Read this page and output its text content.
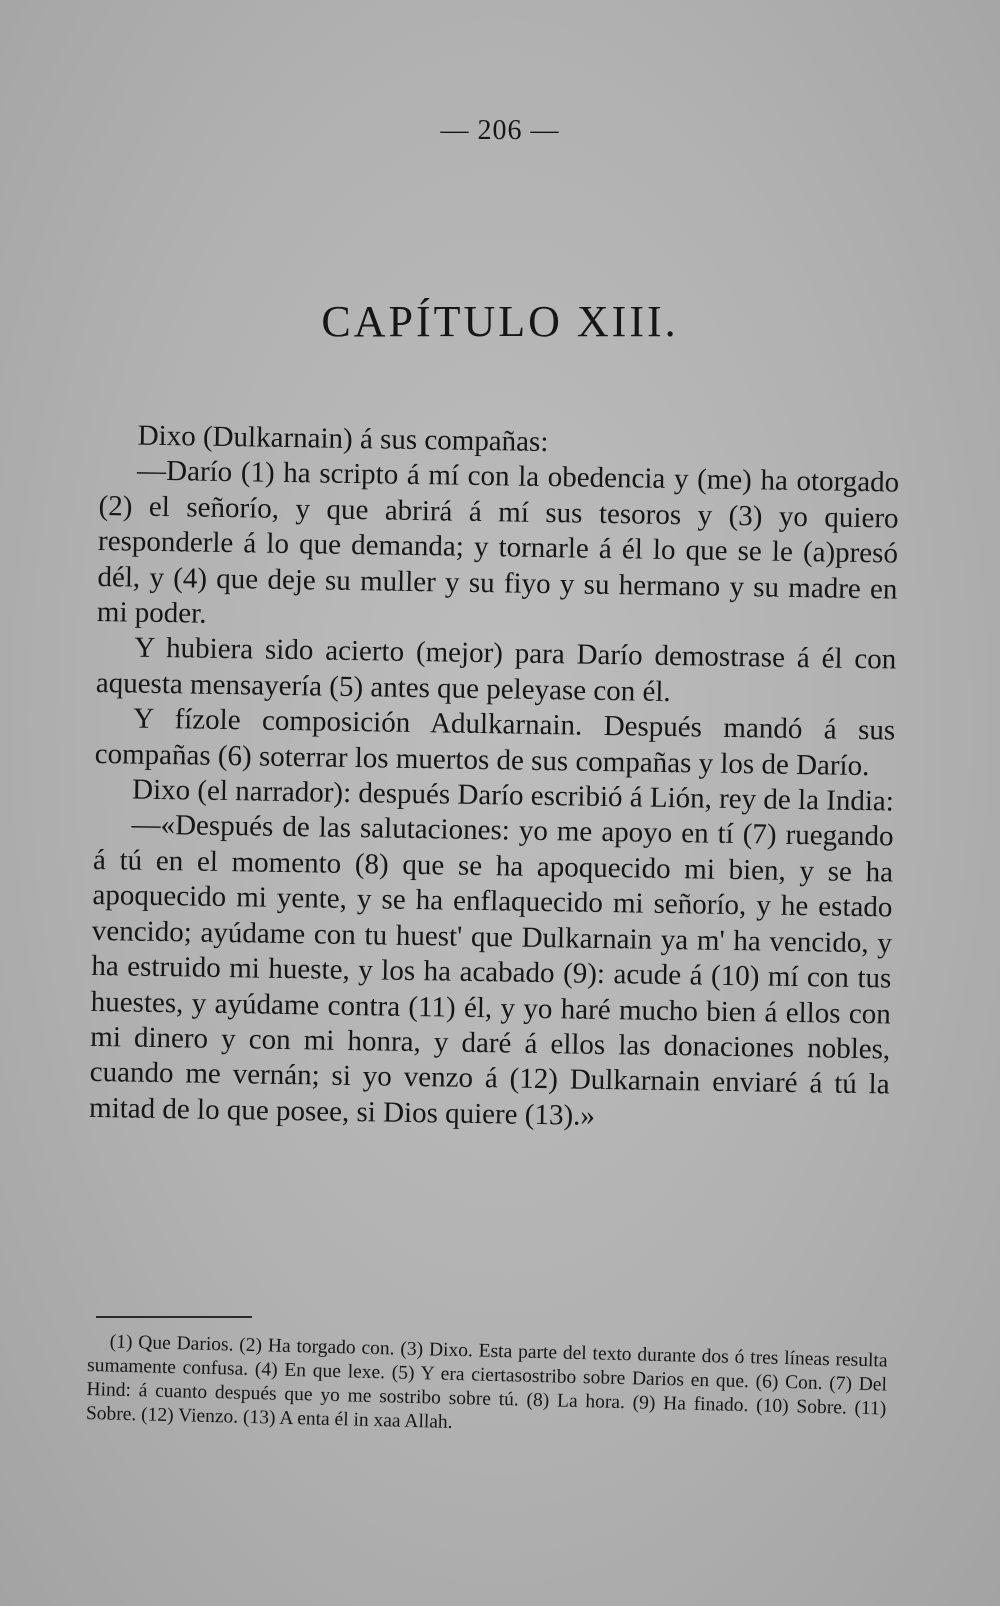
— 206 —
CAPÍTULO XIII.

Dixo (Dulkarnain) á sus compañas:

—Darío (1) ha scripto á mí con la obedencia y (me) ha otorgado (2) el señorío, y que abrirá á mí sus tesoros y (3) yo quiero responderle á lo que demanda; y tornarle á él lo que se le (a)presó dél, y (4) que deje su muller y su fiyo y su hermano y su madre en mi poder.

Y hubiera sido acierto (mejor) para Darío demostrase á él con aquesta mensayería (5) antes que peleyase con él.

Y fízole composición Adulkarnain. Después mandó á sus compañas (6) soterrar los muertos de sus compañas y los de Darío.

Dixo (el narrador): después Darío escribió á Lión, rey de la India:

—«Después de las salutaciones: yo me apoyo en tí (7) ruegando á tú en el momento (8) que se ha apoquecido mi bien, y se ha apoquecido mi yente, y se ha enflaquecido mi señorío, y he estado vencido; ayúdame con tu huest' que Dulkarnain ya m' ha vencido, y ha estruido mi hueste, y los ha acabado (9): acude á (10) mí con tus huestes, y ayúdame contra (11) él, y yo haré mucho bien á ellos con mi dinero y con mi honra, y daré á ellos las donaciones nobles, cuando me vernán; si yo venzo á (12) Dulkarnain enviaré á tú la mitad de lo que posee, si Dios quiere (13).»

(1) Que Darios. (2) Ha torgado con. (3) Dixo. Esta parte del texto durante dos ó tres líneas resulta sumamente confusa. (4) En que lexe. (5) Y era ciertasostribo sobre Darios en que. (6) Con. (7) Del Hind: á cuanto después que yo me sostribo sobre tú. (8) La hora. (9) Ha finado. (10) Sobre. (11) Sobre. (12) Vienzo. (13) A enta él in xaa Allah.
